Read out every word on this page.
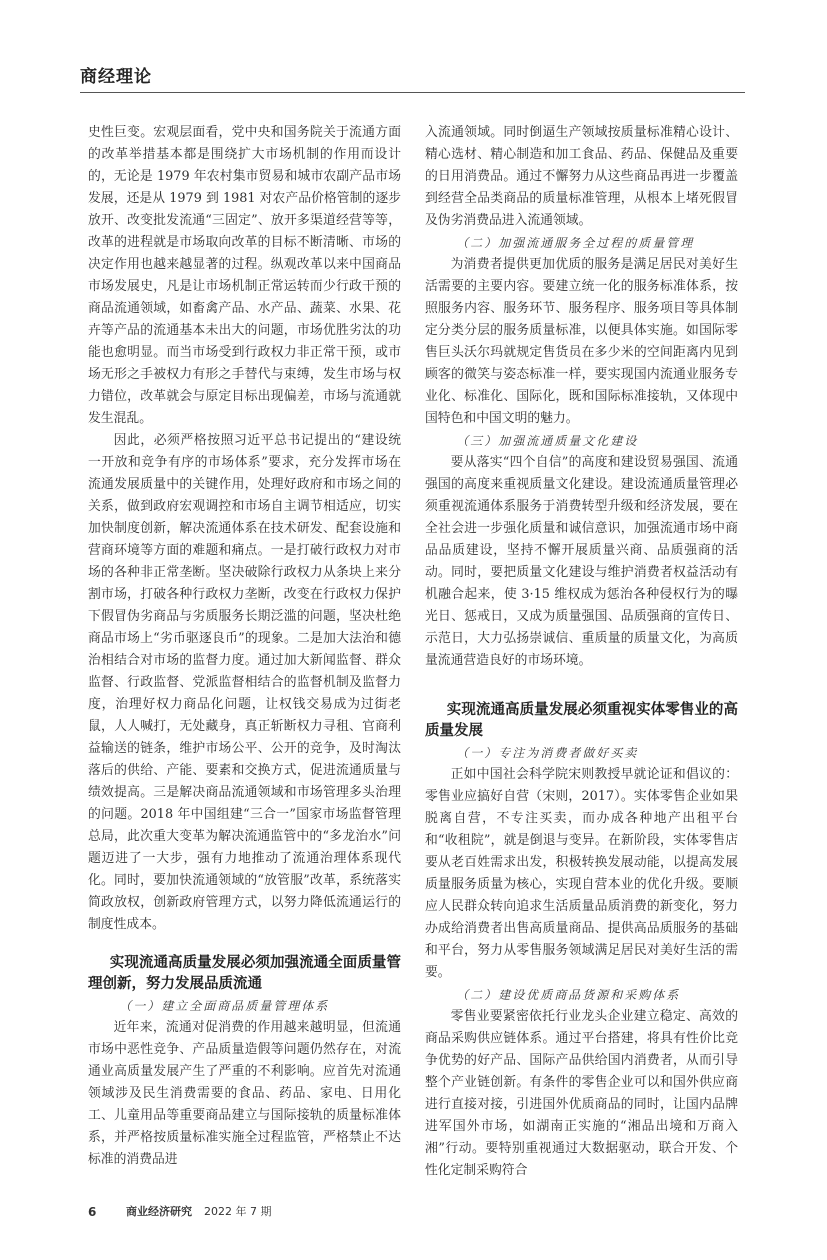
商经理论

史性巨变。宏观层面看，党中央和国务院关于流通方面的改革举措基本都是围绕扩大市场机制的作用而设计的，无论是 1979 年农村集市贸易和城市农副产品市场发展，还是从 1979 到 1981 对农产品价格管制的逐步放开、改变批发流通“三固定”、放开多渠道经营等等，改革的进程就是市场取向改革的目标不断清晰、市场的决定作用也越来越显著的过程。纵观改革以来中国商品市场发展史，凡是让市场机制正常运转而少行政干预的商品流通领域，如畜禽产品、水产品、蔬菜、水果、花卉等产品的流通基本未出大的问题，市场优胜劣汰的功能也愈明显。而当市场受到行政权力非正常干预，或市场无形之手被权力有形之手替代与束缚，发生市场与权力错位，改革就会与原定目标出现偏差，市场与流通就发生混乱。

因此，必须严格按照习近平总书记提出的“建设统一开放和竞争有序的市场体系”要求，充分发挥市场在流通发展质量中的关键作用，处理好政府和市场之间的关系，做到政府宏观调控和市场自主调节相适应，切实加快制度创新，解决流通体系在技术研发、配套设施和营商环境等方面的难题和痛点。一是打破行政权力对市场的各种非正常垄断。坚决破除行政权力从条块上来分割市场，打破各种行政权力垄断，改变在行政权力保护下假冒伪劣商品与劣质服务长期泛滥的问题，坚决杜绝商品市场上“劣币驱逐良币”的现象。二是加大法治和德治相结合对市场的监督力度。通过加大新闻监督、群众监督、行政监督、党派监督相结合的监督机制及监督力度，治理好权力商品化问题，让权钱交易成为过街老鼠，人人喊打，无处藏身，真正斩断权力寻租、官商利益输送的链条，维护市场公平、公开的竞争，及时淘汰落后的供给、产能、要素和交换方式，促进流通质量与绩效提高。三是解决商品流通领域和市场管理多头治理的问题。2018 年中国组建“三合一”国家市场监督管理总局，此次重大变革为解决流通监管中的“多龙治水”问题迈进了一大步，强有力地推动了流通治理体系现代化。同时，要加快流通领域的“放管服”改革，系统落实简政放权，创新政府管理方式，以努力降低流通运行的制度性成本。

实现流通高质量发展必须加强流通全面质量管理创新，努力发展品质流通
（一）建立全面商品质量管理体系

近年来，流通对促消费的作用越来越明显，但流通市场中恶性竞争、产品质量造假等问题仍然存在，对流通业高质量发展产生了严重的不利影响。应首先对流通领域涉及民生消费需要的食品、药品、家电、日用化工、儿童用品等重要商品建立与国际接轨的质量标准体系，并严格按质量标准实施全过程监管，严格禁止不达标准的消费品进

入流通领域。同时倒逼生产领域按质量标准精心设计、精心选材、精心制造和加工食品、药品、保健品及重要的日用消费品。通过不懈努力从这些商品再进一步覆盖到经营全品类商品的质量标准管理，从根本上堵死假冒及伪劣消费品进入流通领域。

（二）加强流通服务全过程的质量管理

为消费者提供更加优质的服务是满足居民对美好生活需要的主要内容。要建立统一化的服务标准体系，按照服务内容、服务环节、服务程序、服务项目等具体制定分类分层的服务质量标准，以便具体实施。如国际零售巨头沃尔玛就规定售货员在多少米的空间距离内见到顾客的微笑与姿态标准一样，要实现国内流通业服务专业化、标准化、国际化，既和国际标准接轨，又体现中国特色和中国文明的魅力。

（三）加强流通质量文化建设

要从落实“四个自信”的高度和建设贸易强国、流通强国的高度来重视质量文化建设。建设流通质量管理必须重视流通体系服务于消费转型升级和经济发展，要在全社会进一步强化质量和诚信意识，加强流通市场中商品品质建设，坚持不懈开展质量兴商、品质强商的活动。同时，要把质量文化建设与维护消费者权益活动有机融合起来，使 3·15 维权成为惩治各种侵权行为的曝光日、惩戒日，又成为质量强国、品质强商的宣传日、示范日，大力弘扬崇诚信、重质量的质量文化，为高质量流通营造良好的市场环境。

实现流通高质量发展必须重视实体零售业的高质量发展
（一）专注为消费者做好买卖

正如中国社会科学院宋则教授早就论证和倡议的：零售业应搞好自营（宋则，2017）。实体零售企业如果脱离自营，不专注买卖，而办成各种地产出租平台和“收租院”，就是倒退与变异。在新阶段，实体零售店要从老百姓需求出发，积极转换发展动能，以提高发展质量服务质量为核心，实现自营本业的优化升级。要顺应人民群众转向追求生活质量品质消费的新变化，努力办成给消费者出售高质量商品、提供高品质服务的基础和平台，努力从零售服务领域满足居民对美好生活的需要。

（二）建设优质商品货源和采购体系

零售业要紧密依托行业龙头企业建立稳定、高效的商品采购供应链体系。通过平台搭建，将具有性价比竞争优势的好产品、国际产品供给国内消费者，从而引导整个产业链创新。有条件的零售企业可以和国外供应商进行直接对接，引进国外优质商品的同时，让国内品牌进军国外市场，如湖南正实施的“湘品出境和万商入湘”行动。要特别重视通过大数据驱动，联合开发、个性化定制采购符合

6	商业经济研究 2022 年 7 期
